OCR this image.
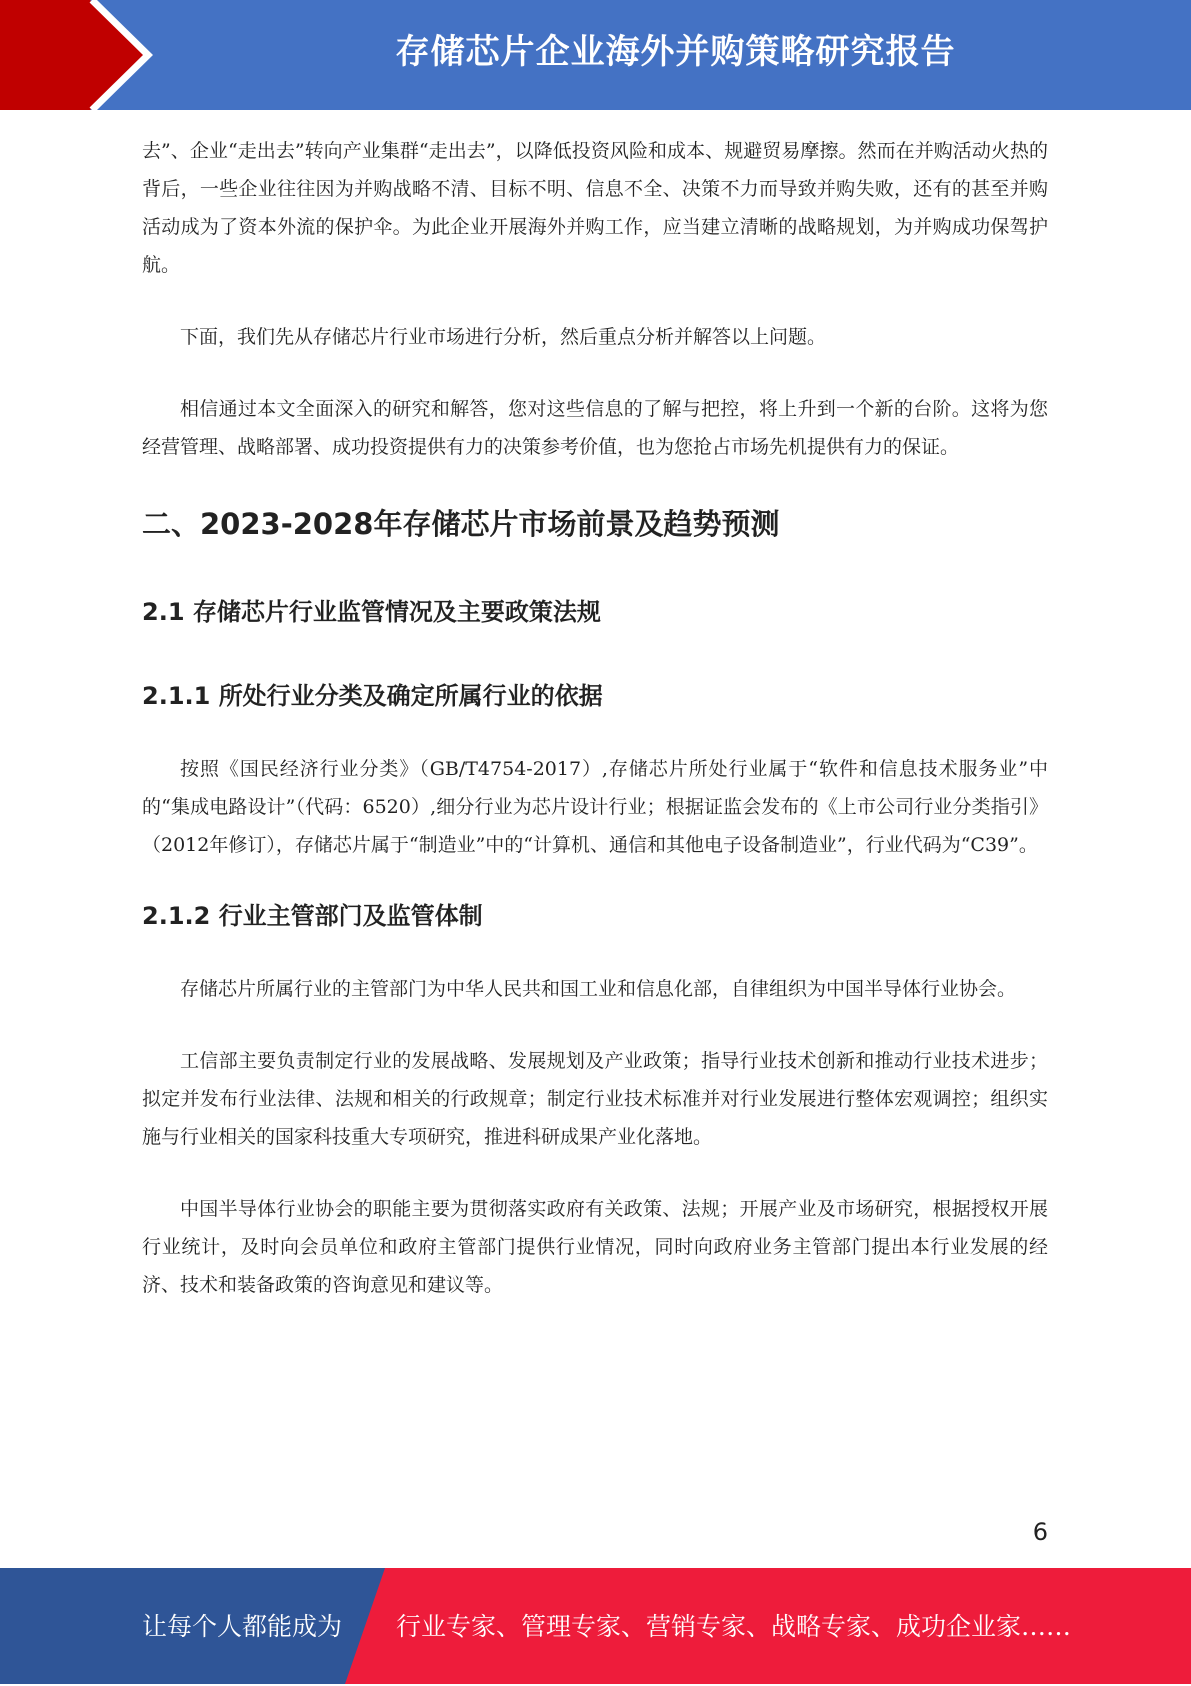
存储芯片企业海外并购策略研究报告

去”、企业“走出去”转向产业集群“走出去”，以降低投资风险和成本、规避贸易摩擦。然而在并购活动火热的背后，一些企业往往因为并购战略不清、目标不明、信息不全、决策不力而导致并购失败，还有的甚至并购活动成为了资本外流的保护伞。为此企业开展海外并购工作，应当建立清晰的战略规划，为并购成功保驾护航。

下面，我们先从存储芯片行业市场进行分析，然后重点分析并解答以上问题。

相信通过本文全面深入的研究和解答，您对这些信息的了解与把控，将上升到一个新的台阶。这将为您经营管理、战略部署、成功投资提供有力的决策参考价值，也为您抢占市场先机提供有力的保证。

二、2023-2028年存储芯片市场前景及趋势预测
2.1 存储芯片行业监管情况及主要政策法规
2.1.1 所处行业分类及确定所属行业的依据

按照《国民经济行业分类》（GB/T4754-2017）,存储芯片所处行业属于“软件和信息技术服务业”中的“集成电路设计”（代码：6520）,细分行业为芯片设计行业；根据证监会发布的《上市公司行业分类指引》（2012年修订），存储芯片属于“制造业”中的“计算机、通信和其他电子设备制造业”，行业代码为“C39”。

2.1.2 行业主管部门及监管体制

存储芯片所属行业的主管部门为中华人民共和国工业和信息化部，自律组织为中国半导体行业协会。

工信部主要负责制定行业的发展战略、发展规划及产业政策；指导行业技术创新和推动行业技术进步；拟定并发布行业法律、法规和相关的行政规章；制定行业技术标准并对行业发展进行整体宏观调控；组织实施与行业相关的国家科技重大专项研究，推进科研成果产业化落地。

中国半导体行业协会的职能主要为贯彻落实政府有关政策、法规；开展产业及市场研究，根据授权开展行业统计，及时向会员单位和政府主管部门提供行业情况，同时向政府业务主管部门提出本行业发展的经济、技术和装备政策的咨询意见和建议等。

6
让每个人都能成为 行业专家、管理专家、营销专家、战略专家、成功企业家……
